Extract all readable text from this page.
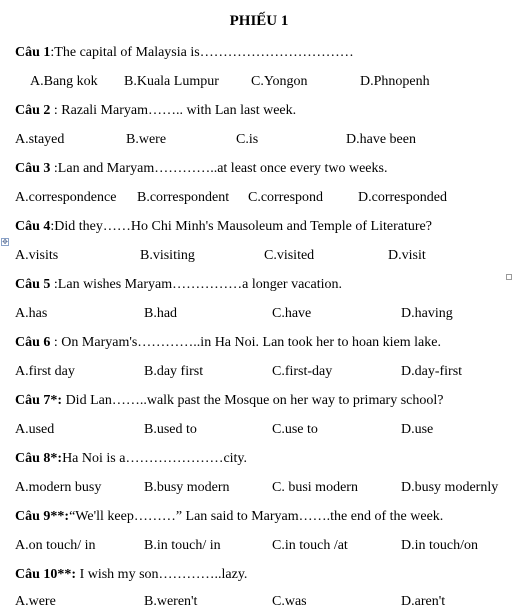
PHIẾU 1
✥
Câu 1:The capital of Malaysia is……………………………
A.Bang kok B.Kuala Lumpur C.Yongon	D.Phnopenh
Câu 2 : Razali Maryam…….. with Lan last week.
A.stayed	B.were	C.is	D.have been
Câu 3 :Lan and Maryam…………..at least once every two weeks.
A.correspondence B.correspondent C.correspond D.corresponded
Câu 4:Did they……Ho Chi Minh's Mausoleum and Temple of Literature?
A.visits	B.visiting	C.visited	D.visit
Câu 5 :Lan wishes Maryam……………a longer vacation.
A.has	B.had	C.have	D.having
Câu 6 : On Maryam's…………..in Ha Noi. Lan took her to hoan kiem lake.
A.first day	B.day first	C.first-day	D.day-first
Câu 7*: Did Lan……..walk past the Mosque on her way to primary school?
A.used	B.used to	C.use to	D.use
Câu 8*:Ha Noi is a…………………city.
A.modern busy	B.busy modern	C. busi modern	D.busy modernly
Câu 9**:“We'll keep………” Lan said to Maryam…….the end of the week.
A.on touch/ in	B.in touch/ in	C.in touch /at	D.in touch/on
Câu 10**: I wish my son…………..lazy.
A.were	B.weren't	C.was	D.aren't
